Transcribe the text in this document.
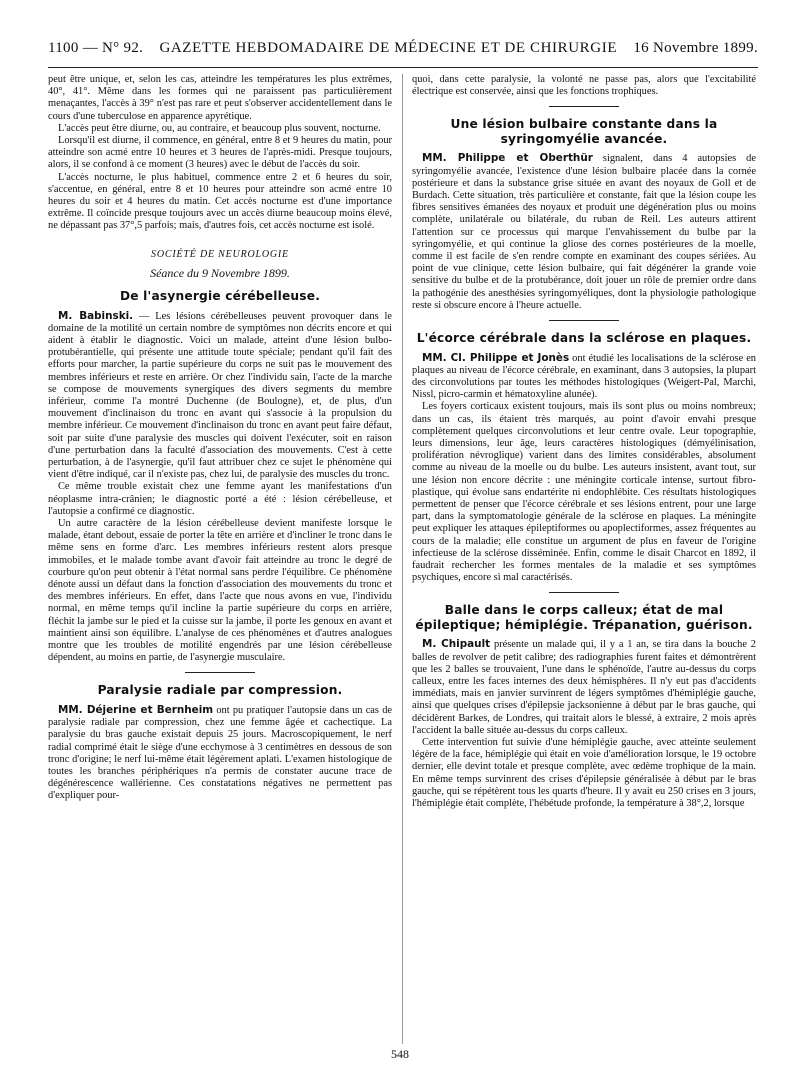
1100 — N° 92. GAZETTE HEBDOMADAIRE DE MÉDECINE ET DE CHIRURGIE 16 Novembre 1899.

peut être unique, et, selon les cas, atteindre les températures les plus extrêmes, 40°, 41°. Même dans les formes qui ne paraissent pas particulièrement menaçantes, l'accès à 39° n'est pas rare et peut s'observer accidentellement dans le cours d'une tuberculose en apparence apyrétique.

L'accès peut être diurne, ou, au contraire, et beaucoup plus souvent, nocturne.

Lorsqu'il est diurne, il commence, en général, entre 8 et 9 heures du matin, pour atteindre son acmé entre 10 heures et 3 heures de l'après-midi. Presque toujours, alors, il se confond à ce moment (3 heures) avec le début de l'accès du soir.

L'accès nocturne, le plus habituel, commence entre 2 et 6 heures du soir, s'accentue, en général, entre 8 et 10 heures pour atteindre son acmé entre 10 heures du soir et 4 heures du matin. Cet accès nocturne est d'une importance extrême. Il coïncide presque toujours avec un accès diurne beaucoup moins élevé, ne dépassant pas 37°,5 parfois; mais, d'autres fois, cet accès nocturne est isolé.

SOCIÉTÉ DE NEUROLOGIE
Séance du 9 Novembre 1899.
De l'asynergie cérébelleuse.

M. Babinski. — Les lésions cérébelleuses peuvent provoquer dans le domaine de la motilité un certain nombre de symptômes non décrits encore et qui aident à établir le diagnostic. Voici un malade, atteint d'une lésion bulbo-protubérantielle, qui présente une attitude toute spéciale; pendant qu'il fait des efforts pour marcher, la partie supérieure du corps ne suit pas le mouvement des membres inférieurs et reste en arrière. Or chez l'individu sain, l'acte de la marche se compose de mouvements synergiques des divers segments du membre inférieur, comme l'a montré Duchenne (de Boulogne), et, de plus, d'un mouvement d'inclinaison du tronc en avant qui s'associe à la propulsion du membre inférieur. Ce mouvement d'inclinaison du tronc en avant peut faire défaut, soit par suite d'une paralysie des muscles qui doivent l'exécuter, soit en raison d'une perturbation dans la faculté d'association des mouvements. C'est à cette perturbation, à de l'asynergie, qu'il faut attribuer chez ce sujet le phénomène qui vient d'être indiqué, car il n'existe pas, chez lui, de paralysie des muscles du tronc.

Ce même trouble existait chez une femme ayant les manifestations d'un néoplasme intra-crânien; le diagnostic porté a été : lésion cérébelleuse, et l'autopsie a confirmé ce diagnostic.

Un autre caractère de la lésion cérébelleuse devient manifeste lorsque le malade, étant debout, essaie de porter la tête en arrière et d'incliner le tronc dans le même sens en forme d'arc. Les membres inférieurs restent alors presque immobiles, et le malade tombe avant d'avoir fait atteindre au tronc le degré de courbure qu'on peut obtenir à l'état normal sans perdre l'équilibre. Ce phénomène dénote aussi un défaut dans la fonction d'association des mouvements du tronc et des membres inférieurs. En effet, dans l'acte que nous avons en vue, l'individu normal, en même temps qu'il incline la partie supérieure du corps en arrière, fléchit la jambe sur le pied et la cuisse sur la jambe, il porte les genoux en avant et maintient ainsi son équilibre. L'analyse de ces phénomènes et d'autres analogues montre que les troubles de motilité engendrés par une lésion cérébelleuse dépendent, au moins en partie, de l'asynergie musculaire.

Paralysie radiale par compression.

MM. Déjerine et Bernheim ont pu pratiquer l'autopsie dans un cas de paralysie radiale par compression, chez une femme âgée et cachectique. La paralysie du bras gauche existait depuis 25 jours. Macroscopiquement, le nerf radial comprimé était le siège d'une ecchymose à 3 centimètres en dessous de son tronc d'origine; le nerf lui-même était légèrement aplati. L'examen histologique de toutes les branches périphériques n'a permis de constater aucune trace de dégénérescence wallérienne. Ces constatations négatives ne permettent pas d'expliquer pour-

quoi, dans cette paralysie, la volonté ne passe pas, alors que l'excitabilité électrique est conservée, ainsi que les fonctions trophiques.

Une lésion bulbaire constante dans la syringomyélie avancée.

MM. Philippe et Oberthür signalent, dans 4 autopsies de syringomyélie avancée, l'existence d'une lésion bulbaire placée dans la cornée postérieure et dans la substance grise située en avant des noyaux de Goll et de Burdach. Cette situation, très particulière et constante, fait que la lésion coupe les fibres sensitives émanées des noyaux et produit une dégénération plus ou moins complète, unilatérale ou bilatérale, du ruban de Reil. Les auteurs attirent l'attention sur ce processus qui marque l'envahissement du bulbe par la syringomyélie, et qui continue la gliose des cornes postérieures de la moelle, comme il est facile de s'en rendre compte en examinant des coupes sériées. Au point de vue clinique, cette lésion bulbaire, qui fait dégénérer la grande voie sensitive du bulbe et de la protubérance, doit jouer un rôle de premier ordre dans la pathogénie des anesthésies syringomyéliques, dont la physiologie pathologique reste si obscure encore à l'heure actuelle.

L'écorce cérébrale dans la sclérose en plaques.

MM. Cl. Philippe et Jonès ont étudié les localisations de la sclérose en plaques au niveau de l'écorce cérébrale, en examinant, dans 3 autopsies, la plupart des circonvolutions par toutes les méthodes histologiques (Weigert-Pal, Marchi, Nissl, picro-carmin et hématoxyline alunée).

Les foyers corticaux existent toujours, mais ils sont plus ou moins nombreux; dans un cas, ils étaient très marqués, au point d'avoir envahi presque complètement quelques circonvolutions et leur centre ovale. Leur topographie, leurs dimensions, leur âge, leurs caractères histologiques (démyélinisation, prolifération névroglique) varient dans des limites considérables, absolument comme au niveau de la moelle ou du bulbe. Les auteurs insistent, avant tout, sur une lésion non encore décrite : une méningite corticale intense, surtout fibro-plastique, qui évolue sans endartérite ni endophlébite. Ces résultats histologiques permettent de penser que l'écorce cérébrale et ses lésions entrent, pour une large part, dans la symptomatologie générale de la sclérose en plaques. La méningite peut expliquer les attaques épileptiformes ou apoplectiformes, assez fréquentes au cours de la maladie; elle constitue un argument de plus en faveur de l'origine infectieuse de la sclérose disséminée. Enfin, comme le disait Charcot en 1892, il faudrait rechercher les formes mentales de la maladie et ses symptômes psychiques, encore si mal caractérisés.

Balle dans le corps calleux; état de mal épileptique; hémiplégie. Trépanation, guérison.

M. Chipault présente un malade qui, il y a 1 an, se tira dans la bouche 2 balles de revolver de petit calibre; des radiographies furent faites et démontrèrent que les 2 balles se trouvaient, l'une dans le sphénoïde, l'autre au-dessus du corps calleux, entre les faces internes des deux hémisphères. Il n'y eut pas d'accidents immédiats, mais en janvier survinrent de légers symptômes d'hémiplégie gauche, ainsi que quelques crises d'épilepsie jacksonienne à début par le bras gauche, qui décidèrent Barkes, de Londres, qui traitait alors le blessé, à extraire, 2 mois après l'accident la balle située au-dessus du corps calleux.

Cette intervention fut suivie d'une hémiplégie gauche, avec atteinte seulement légère de la face, hémiplégie qui était en voie d'amélioration lorsque, le 19 octobre dernier, elle devint totale et presque complète, avec œdème trophique de la main. En même temps survinrent des crises d'épilepsie généralisée à début par le bras gauche, qui se répétèrent tous les quarts d'heure. Il y avait eu 250 crises en 3 jours, l'hémiplégie était complète, l'hébétude profonde, la température à 38°,2, lorsque

548
